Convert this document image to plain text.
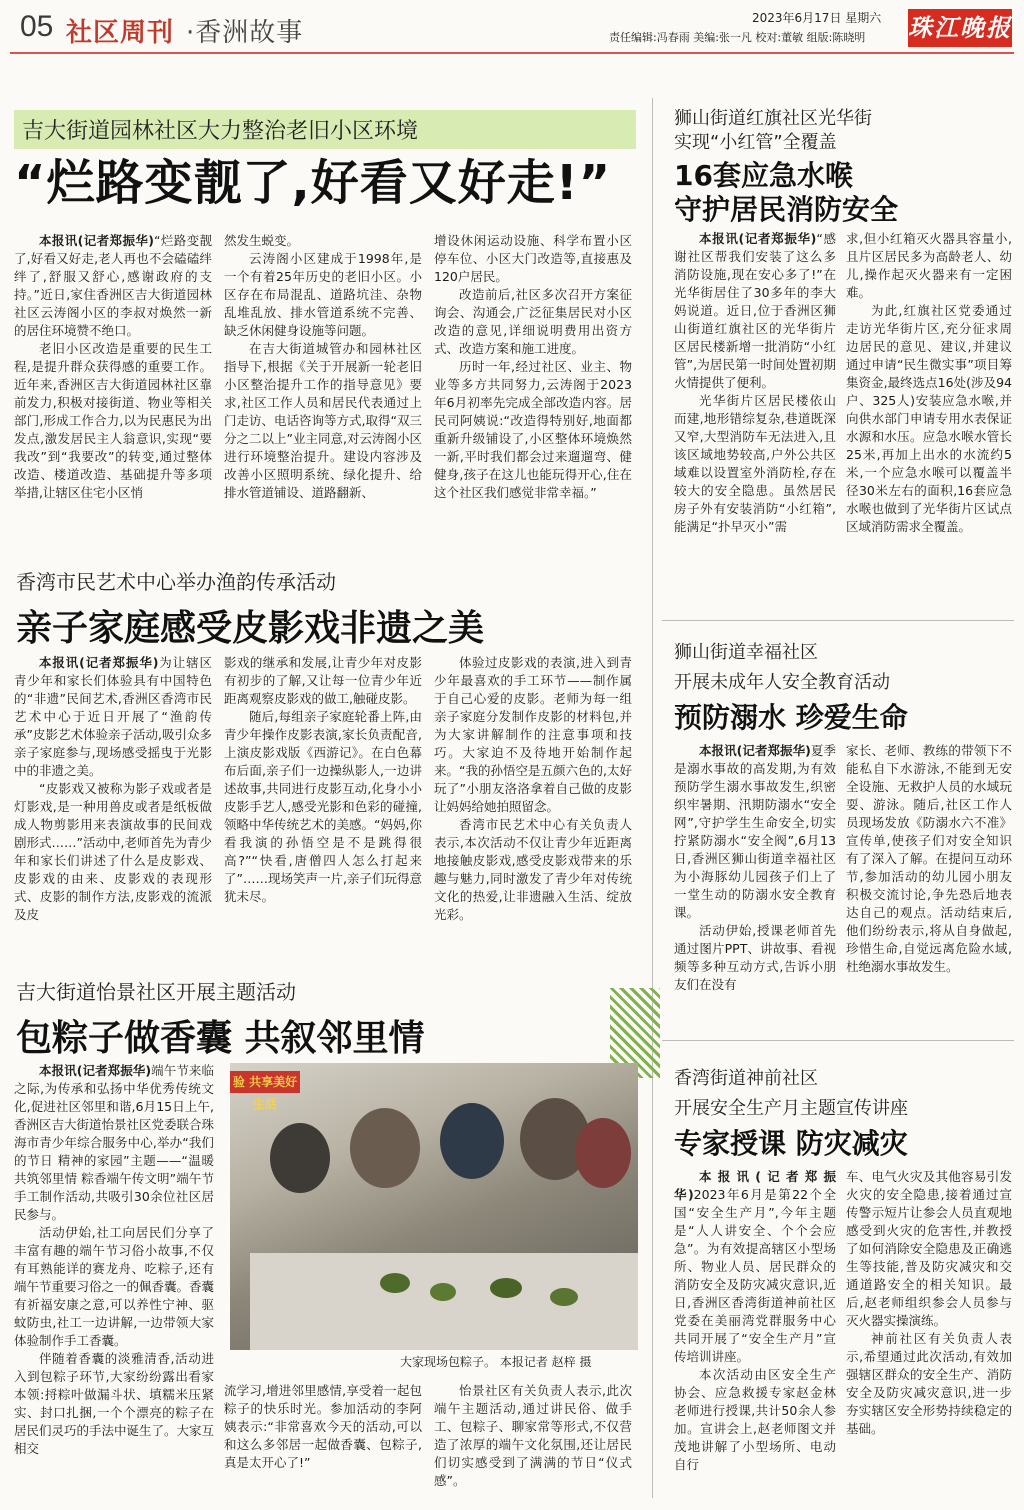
05 社区周刊 ·香洲故事	2023年6月17日 星期六
责任编辑:冯春雨 美编:张一凡 校对:董敏 组版:陈晓明 珠江晚报
吉大街道园林社区大力整治老旧小区环境
“烂路变靓了,好看又好走!”

本报讯(记者郑振华)“烂路变靓了,好看又好走,老人再也不会磕磕绊绊了,舒服又舒心,感谢政府的支持。”近日,家住香洲区吉大街道园林社区云涛阁小区的李叔对焕然一新的居住环境赞不绝口。

老旧小区改造是重要的民生工程,是提升群众获得感的重要工作。近年来,香洲区吉大街道园林社区靠前发力,积极对接街道、物业等相关部门,形成工作合力,以为民惠民为出发点,激发居民主人翁意识,实现“要我改”到“我要改”的转变,通过整体改造、楼道改造、基础提升等多项举措,让辖区住宅小区悄

然发生蜕变。

云涛阁小区建成于1998年,是一个有着25年历史的老旧小区。小区存在布局混乱、道路坑洼、杂物乱堆乱放、排水管道系统不完善、缺乏休闲健身设施等问题。

在吉大街道城管办和园林社区指导下,根据《关于开展新一轮老旧小区整治提升工作的指导意见》要求,社区工作人员和居民代表通过上门走访、电话咨询等方式,取得“双三分之二以上”业主同意,对云涛阁小区进行环境整治提升。建设内容涉及改善小区照明系统、绿化提升、给排水管道铺设、道路翻新、

增设休闲运动设施、科学布置小区停车位、小区大门改造等,直接惠及120户居民。

改造前后,社区多次召开方案征询会、沟通会,广泛征集居民对小区改造的意见,详细说明费用出资方式、改造方案和施工进度。

历时一年,经过社区、业主、物业等多方共同努力,云涛阁于2023年6月初率先完成全部改造内容。居民司阿姨说:“改造得特别好,地面都重新升级铺设了,小区整体环境焕然一新,平时我们都会过来遛遛弯、健健身,孩子在这儿也能玩得开心,住在这个社区我们感觉非常幸福。”

香湾市民艺术中心举办渔韵传承活动
亲子家庭感受皮影戏非遗之美

本报讯(记者郑振华)为让辖区青少年和家长们体验具有中国特色的“非遗”民间艺术,香洲区香湾市民艺术中心于近日开展了“渔韵传承”皮影艺术体验亲子活动,吸引众多亲子家庭参与,现场感受摇曳于光影中的非遗之美。

“皮影戏又被称为影子戏或者是灯影戏,是一种用兽皮或者是纸板做成人物剪影用来表演故事的民间戏剧形式……”活动中,老师首先为青少年和家长们讲述了什么是皮影戏、皮影戏的由来、皮影戏的表现形式、皮影的制作方法,皮影戏的流派及皮

影戏的继承和发展,让青少年对皮影有初步的了解,又让每一位青少年近距离观察皮影戏的做工,触碰皮影。

随后,每组亲子家庭轮番上阵,由青少年操作皮影表演,家长负责配音,上演皮影戏版《西游记》。在白色幕布后面,亲子们一边操纵影人,一边讲述故事,共同进行皮影互动,化身小小皮影手艺人,感受光影和色彩的碰撞,领略中华传统艺术的美感。“妈妈,你看我演的孙悟空是不是跳得很高?”“快看,唐僧四人怎么打起来了”……现场笑声一片,亲子们玩得意犹未尽。

体验过皮影戏的表演,进入到青少年最喜欢的手工环节——制作属于自己心爱的皮影。老师为每一组亲子家庭分发制作皮影的材料包,并为大家讲解制作的注意事项和技巧。大家迫不及待地开始制作起来。“我的孙悟空是五颜六色的,太好玩了”小朋友洛洛拿着自己做的皮影让妈妈给她拍照留念。

香湾市民艺术中心有关负责人表示,本次活动不仅让青少年近距离地接触皮影戏,感受皮影戏带来的乐趣与魅力,同时激发了青少年对传统文化的热爱,让非遗融入生活、绽放光彩。

吉大街道怡景社区开展主题活动
包粽子做香囊 共叙邻里情

本报讯(记者郑振华)端午节来临之际,为传承和弘扬中华优秀传统文化,促进社区邻里和谐,6月15日上午,香洲区吉大街道怡景社区党委联合珠海市青少年综合服务中心,举办“我们的节日 精神的家园”主题——“温暖共筑邻里情 粽香端午传文明”端午节手工制作活动,共吸引30余位社区居民参与。

活动伊始,社工向居民们分享了丰富有趣的端午节习俗小故事,不仅有耳熟能详的赛龙舟、吃粽子,还有端午节重要习俗之一的佩香囊。香囊有祈福安康之意,可以养性宁神、驱蚊防虫,社工一边讲解,一边带领大家体验制作手工香囊。

伴随着香囊的淡雅清香,活动进入到包粽子环节,大家纷纷露出看家本领:捋粽叶做漏斗状、填糯米压紧实、封口扎捆,一个个漂亮的粽子在居民们灵巧的手法中诞生了。大家互相交

验 共享美好生活
大家现场包粽子。 本报记者 赵梓 摄
流学习,增进邻里感情,享受着一起包粽子的快乐时光。参加活动的李阿姨表示:“非常喜欢今天的活动,可以和这么多邻居一起做香囊、包粽子,真是太开心了!”

怡景社区有关负责人表示,此次端午主题活动,通过讲民俗、做手工、包粽子、聊家常等形式,不仅营造了浓厚的端午文化氛围,还让居民们切实感受到了满满的节日“仪式感”。

狮山街道红旗社区光华街
实现“小红管”全覆盖
16套应急水喉
守护居民消防安全

本报讯(记者郑振华)“感谢社区帮我们安装了这么多消防设施,现在安心多了!”在光华街居住了30多年的李大妈说道。近日,位于香洲区狮山街道红旗社区的光华街片区居民楼新增一批消防“小红管”,为居民第一时间处置初期火情提供了便利。

光华街片区居民楼依山而建,地形错综复杂,巷道既深又窄,大型消防车无法进入,且该区域地势较高,户外公共区域难以设置室外消防栓,存在较大的安全隐患。虽然居民房子外有安装消防“小红箱”,能满足“扑早灭小”需

求,但小红箱灭火器具容量小,且片区居民多为高龄老人、幼儿,操作起灭火器来有一定困难。

为此,红旗社区党委通过走访光华街片区,充分征求周边居民的意见、建议,并建议通过申请“民生微实事”项目筹集资金,最终选点16处(涉及94户、325人)安装应急水喉,并向供水部门申请专用水表保证水源和水压。应急水喉水管长25米,再加上出水的水流约5米,一个应急水喉可以覆盖半径30米左右的面积,16套应急水喉也做到了光华街片区试点区域消防需求全覆盖。

狮山街道幸福社区
开展未成年人安全教育活动
预防溺水 珍爱生命

本报讯(记者郑振华)夏季是溺水事故的高发期,为有效预防学生溺水事故发生,织密织牢暑期、汛期防溺水“安全网”,守护学生生命安全,切实拧紧防溺水“安全阀”,6月13日,香洲区狮山街道幸福社区为小海豚幼儿园孩子们上了一堂生动的防溺水安全教育课。

活动伊始,授课老师首先通过图片PPT、讲故事、看视频等多种互动方式,告诉小朋友们在没有

家长、老师、教练的带领下不能私自下水游泳,不能到无安全设施、无救护人员的水域玩耍、游泳。随后,社区工作人员现场发放《防溺水六不准》宣传单,使孩子们对安全知识有了深入了解。在提问互动环节,参加活动的幼儿园小朋友积极交流讨论,争先恐后地表达自己的观点。活动结束后,他们纷纷表示,将从自身做起,珍惜生命,自觉远离危险水域,杜绝溺水事故发生。
香湾街道神前社区
开展安全生产月主题宣传讲座
专家授课 防灾减灾

本报讯(记者郑振华)2023年6月是第22个全国“安全生产月”,今年主题是“人人讲安全、个个会应急”。为有效提高辖区小型场所、物业人员、居民群众的消防安全及防灾减灾意识,近日,香洲区香湾街道神前社区党委在美丽湾党群服务中心共同开展了“安全生产月”宣传培训讲座。

本次活动由区安全生产协会、应急救援专家赵金林老师进行授课,共计50余人参加。宣讲会上,赵老师图文并茂地讲解了小型场所、电动自行

车、电气火灾及其他容易引发火灾的安全隐患,接着通过宣传警示短片让参会人员直观地感受到火灾的危害性,并教授了如何消除安全隐患及正确逃生等技能,普及防灾减灾和交通道路安全的相关知识。最后,赵老师组织参会人员参与灭火器实操演练。

神前社区有关负责人表示,希望通过此次活动,有效加强辖区群众的安全生产、消防安全及防灾减灾意识,进一步夯实辖区安全形势持续稳定的基础。
